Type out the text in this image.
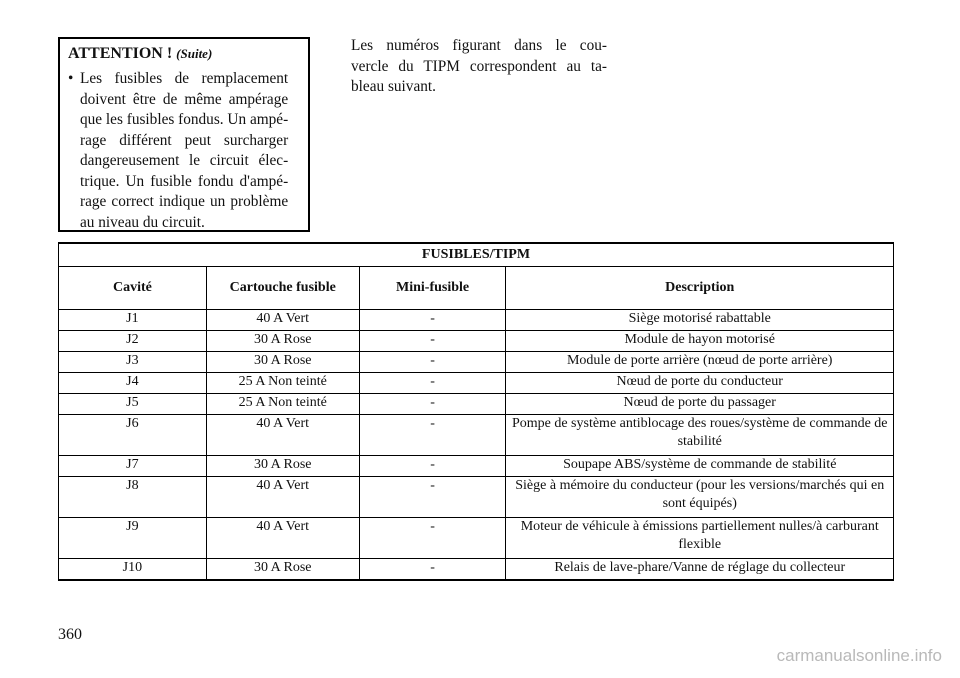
ATTENTION ! (Suite)
• Les fusibles de remplacement
doivent être de même ampérage
que les fusibles fondus. Un ampé-
rage différent peut surcharger
dangereusement le circuit élec-
trique. Un fusible fondu d'ampé-
rage correct indique un problème
au niveau du circuit.
Les numéros figurant dans le cou-
vercle du TIPM correspondent au ta-
bleau suivant.
FUSIBLES/TIPM			
Cavité	Cartouche fusible	Mini-fusible	Description
J1	40 A Vert	-	Siège motorisé rabattable
J2	30 A Rose	-	Module de hayon motorisé
J3	30 A Rose	-	Module de porte arrière (nœud de porte arrière)
J4	25 A Non teinté	-	Nœud de porte du conducteur
J5	25 A Non teinté	-	Nœud de porte du passager
J6	40 A Vert	-	Pompe de système antiblocage des roues/système de commande de stabilité
J7	30 A Rose	-	Soupape ABS/système de commande de stabilité
J8	40 A Vert	-	Siège à mémoire du conducteur (pour les versions/marchés qui en sont équipés)
J9	40 A Vert	-	Moteur de véhicule à émissions partiellement nulles/à carburant flexible
J10	30 A Rose	-	Relais de lave-phare/Vanne de réglage du collecteur
360
carmanualsonline.info
